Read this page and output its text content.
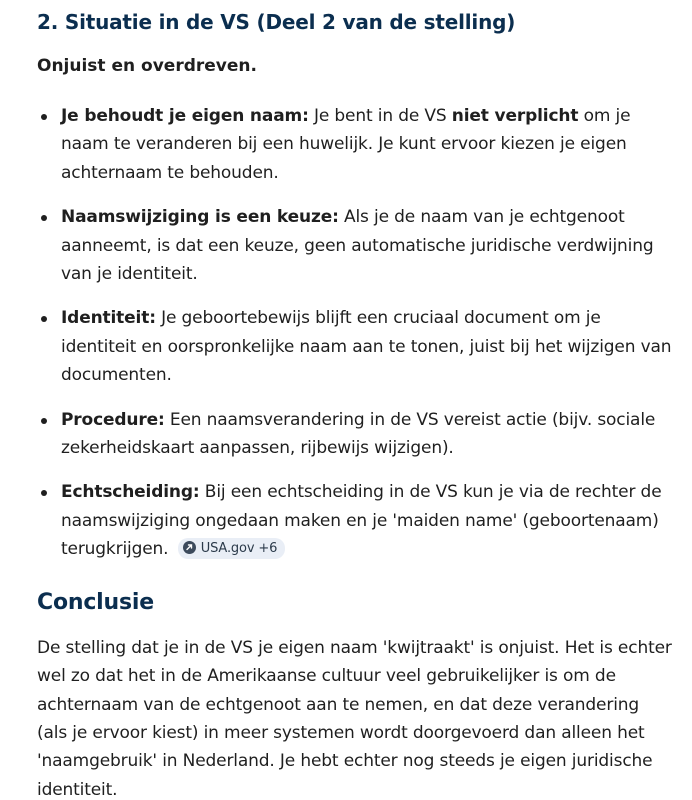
2. Situatie in de VS (Deel 2 van de stelling)

Onjuist en overdreven.

Je behoudt je eigen naam: Je bent in de VS niet verplicht om je naam te veranderen bij een huwelijk. Je kunt ervoor kiezen je eigen achternaam te behouden.
Naamswijziging is een keuze: Als je de naam van je echtgenoot aanneemt, is dat een keuze, geen automatische juridische verdwijning van je identiteit.
Identiteit: Je geboortebewijs blijft een cruciaal document om je identiteit en oorspronkelijke naam aan te tonen, juist bij het wijzigen van documenten.
Procedure: Een naamsverandering in de VS vereist actie (bijv. sociale zekerheidskaart aanpassen, rijbewijs wijzigen).
Echtscheiding: Bij een echtscheiding in de VS kun je via de rechter de naamswijziging ongedaan maken en je 'maiden name' (geboortenaam) terugkrijgen. USA.gov +6
Conclusie

De stelling dat je in de VS je eigen naam 'kwijtraakt' is onjuist. Het is echter wel zo dat het in de Amerikaanse cultuur veel gebruikelijker is om de achternaam van de echtgenoot aan te nemen, en dat deze verandering (als je ervoor kiest) in meer systemen wordt doorgevoerd dan alleen het 'naamgebruik' in Nederland. Je hebt echter nog steeds je eigen juridische identiteit.
